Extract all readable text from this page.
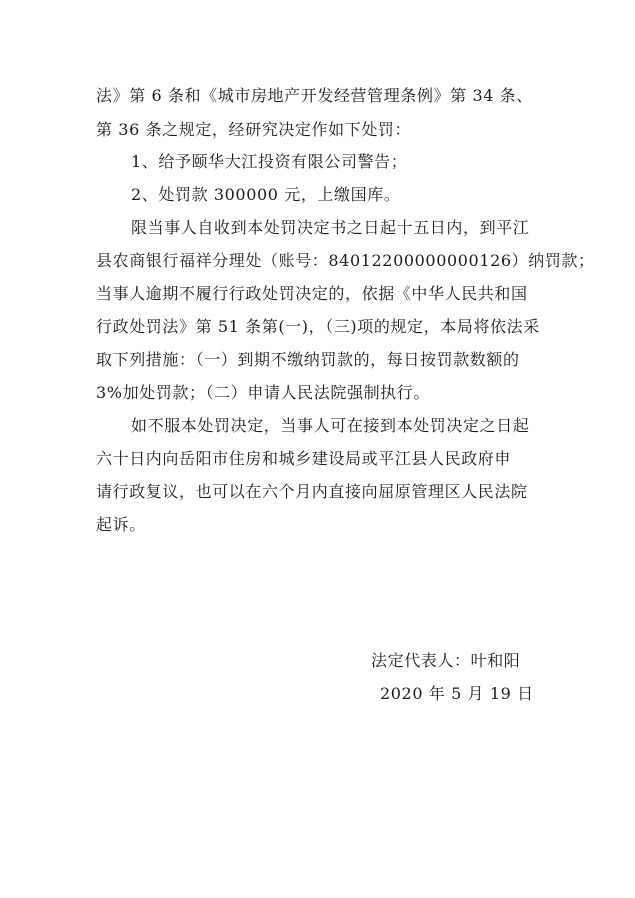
法》第 6 条和《城市房地产开发经营管理条例》第 34 条、
第 36 条之规定，经研究决定作如下处罚：
1、给予颐华大江投资有限公司警告；
2、处罚款 300000 元，上缴国库。
限当事人自收到本处罚决定书之日起十五日内，到平江
县农商银行福祥分理处（账号：84012200000000126）纳罚款；
当事人逾期不履行行政处罚决定的，依据《中华人民共和国
行政处罚法》第 51 条第(一)，（三)项的规定，本局将依法采
取下列措施：（一）到期不缴纳罚款的，每日按罚款数额的
3%加处罚款；（二）申请人民法院强制执行。
如不服本处罚决定，当事人可在接到本处罚决定之日起
六十日内向岳阳市住房和城乡建设局或平江县人民政府申
请行政复议，也可以在六个月内直接向屈原管理区人民法院
起诉。
法定代表人：叶和阳
2020 年 5 月 19 日
